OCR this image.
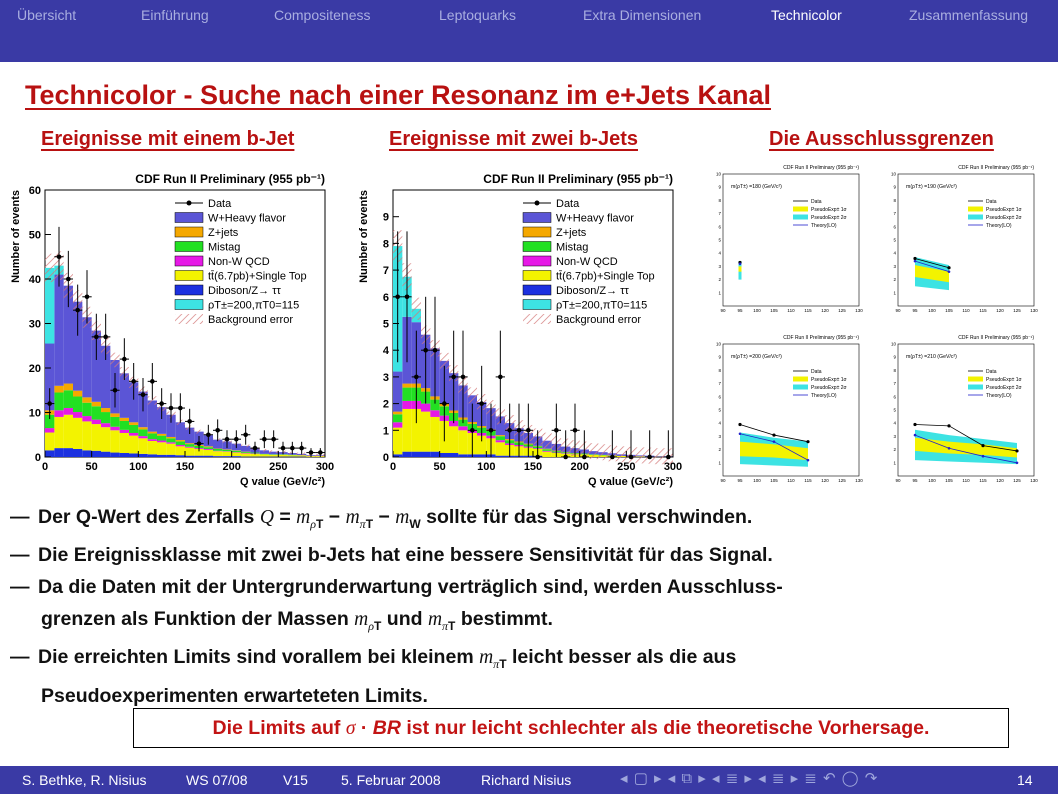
Übersicht	Einführung	Compositeness	Leptoquarks	Extra Dimensionen	Technicolor	Zusammenfassung
Technicolor - Suche nach einer Resonanz im e+Jets Kanal
Ereignisse mit einem b-Jet	Ereignisse mit zwei b-Jets	Die Ausschlussgrenzen
CDF Run II Preliminary (955 pb⁻¹)
0	50	100	150	200	250	300
0
10
20
30
40
50
60
Q value (GeV/c²)
Number of events	Data
W+Heavy flavor
Z+jets
Mistag
Non-W QCD
tt̄(6.7pb)+Single Top
Diboson/Z→ ττ
ρT±=200,πT0=115
Background error
CDF Run II Preliminary (955 pb⁻¹)
0	50	100	150	200	250	300
0
1
2
3
4
5
6
7
8
9
Q value (GeV/c²)
Number of events	Data
W+Heavy flavor
Z+jets
Mistag
Non-W QCD
tt̄(6.7pb)+Single Top
Diboson/Z→ ττ
ρT±=200,πT0=115
Background error
CDF Run II Preliminary (955 pb⁻¹)
90	95 100 105 110 115 120 125 130
1
2
3
4
5
6
7
8
9
10
m(ρT±) =180 (GeV/c²)
Data
PseudoExp± 1σ
PseudoExp± 2σ
Theory(LO)
CDF Run II Preliminary (955 pb⁻¹)
90	95 100 105 110 115 120 125 130
1
2
3
4
5
6
7
8
9
10
m(ρT±) =190 (GeV/c²)
Data
PseudoExp± 1σ
PseudoExp± 2σ
Theory(LO)
CDF Run II Preliminary (955 pb⁻¹)
90	95 100 105 110 115 120 125 130
1
2
3
4
5
6
7
8
9
10
m(ρT±) =200 (GeV/c²)
Data
PseudoExp± 1σ
PseudoExp± 2σ
Theory(LO)
CDF Run II Preliminary (955 pb⁻¹)
90	95 100 105 110 115 120 125 130
1
2
3
4
5
6
7
8
9
10
m(ρT±) =210 (GeV/c²)
Data
PseudoExp± 1σ
PseudoExp± 2σ
Theory(LO)
— Der Q-Wert des Zerfalls $Q = m_{\rho T} - m_{\pi T} - m_W$ sollte für das Signal verschwinden.
— Die Ereignissklasse mit zwei b-Jets hat eine bessere Sensitivität für das Signal.
— Da die Daten mit der Untergrunderwartung verträglich sind, werden Ausschluss-
grenzen als Funktion der Massen $m_{\rho T}$ und $m_{\pi T}$ bestimmt.
— Die erreichten Limits sind vorallem bei kleinem $m_{\pi T}$ leicht besser als die aus
Pseudoexperimenten erwarteteten Limits.
Die Limits auf σ · BR ist nur leicht schlechter als die theoretische Vorhersage.
S. Bethke, R. Nisius	WS 07/08	V15 5. Februar 2008	Richard Nisius	◂ ▢ ▸ ◂ ⧉ ▸ ◂ ≣ ▸ ◂ ≣ ▸ ≣ ↶ ◯ ↷	14
